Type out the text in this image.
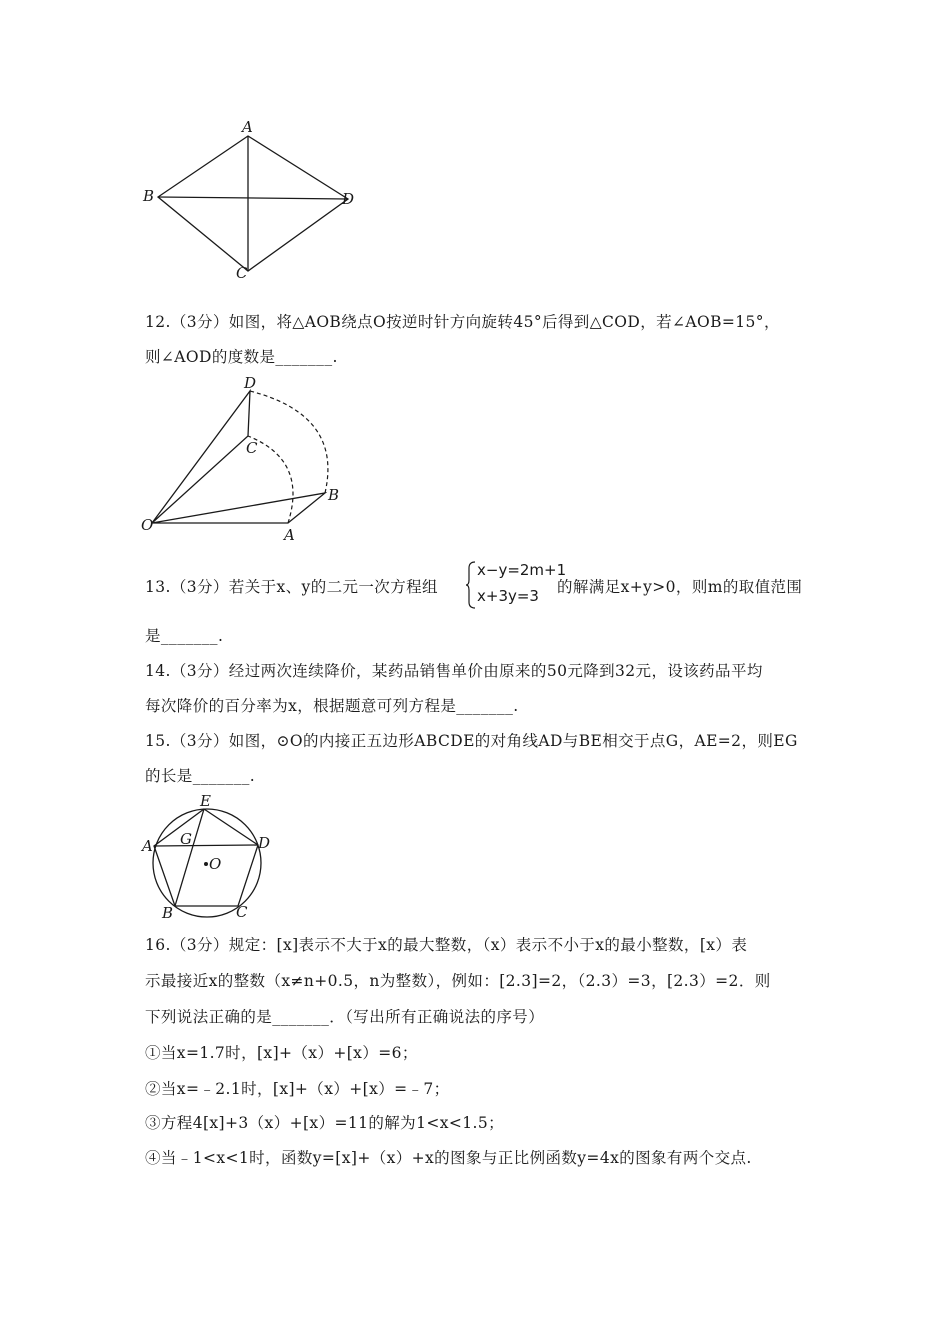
A
B
C
D
12.（3分）如图，将△AOB绕点O按逆时针方向旋转45°后得到△COD，若∠AOB=15°，
则∠AOD的度数是_______.
O
A
B
C
D
13.（3分）若关于x、y的二元一次方程组
x−y=2m+1
x+3y=3 的解满足x+y>0，则m的取值范围
是_______.
14.（3分）经过两次连续降价，某药品销售单价由原来的50元降到32元，设该药品平均
每次降价的百分率为x，根据题意可列方程是_______.
15.（3分）如图，⊙O的内接正五边形ABCDE的对角线AD与BE相交于点G，AE=2，则EG
的长是_______.
E
A G	D
O
B	C
16.（3分）规定：[x]表示不大于x的最大整数，（x）表示不小于x的最小整数，[x）表
示最接近x的整数（x≠n+0.5，n为整数），例如：[2.3]=2，（2.3）=3，[2.3）=2．则
下列说法正确的是_______．（写出所有正确说法的序号）
①当x=1.7时，[x]+（x）+[x）=6；
②当x=﹣2.1时，[x]+（x）+[x）=﹣7；
③方程4[x]+3（x）+[x）=11的解为1<x<1.5；
④当﹣1<x<1时，函数y=[x]+（x）+x的图象与正比例函数y=4x的图象有两个交点.
